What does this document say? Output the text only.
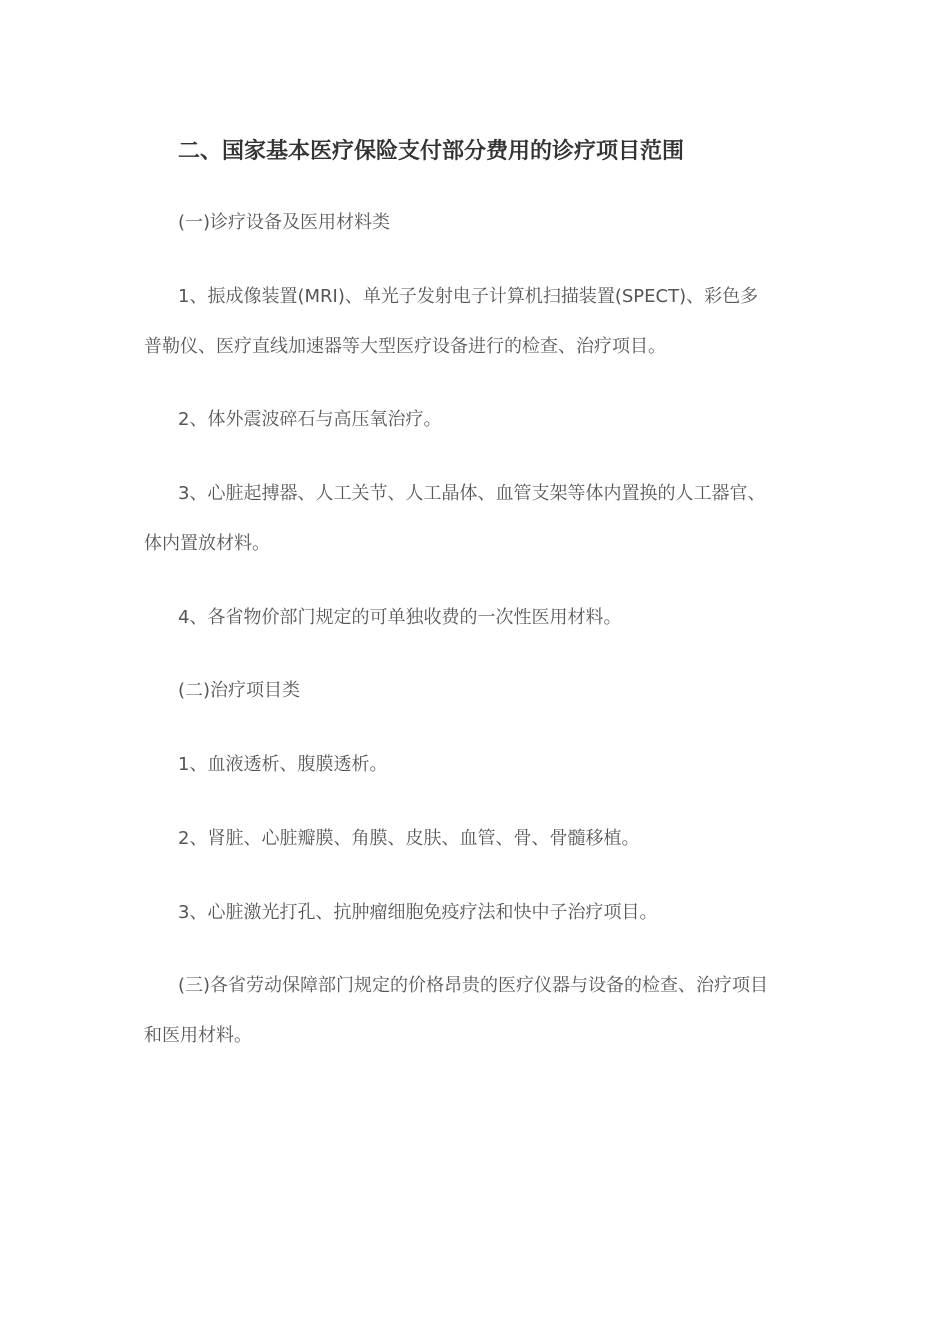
二、国家基本医疗保险支付部分费用的诊疗项目范围
(一)诊疗设备及医用材料类
1、振成像装置(MRI)、单光子发射电子计算机扫描装置(SPECT)、彩色多
普勒仪、医疗直线加速器等大型医疗设备进行的检查、治疗项目。
2、体外震波碎石与高压氧治疗。
3、心脏起搏器、人工关节、人工晶体、血管支架等体内置换的人工器官、
体内置放材料。
4、各省物价部门规定的可单独收费的一次性医用材料。
(二)治疗项目类
1、血液透析、腹膜透析。
2、肾脏、心脏瓣膜、角膜、皮肤、血管、骨、骨髓移植。
3、心脏激光打孔、抗肿瘤细胞免疫疗法和快中子治疗项目。
(三)各省劳动保障部门规定的价格昂贵的医疗仪器与设备的检查、治疗项目
和医用材料。
